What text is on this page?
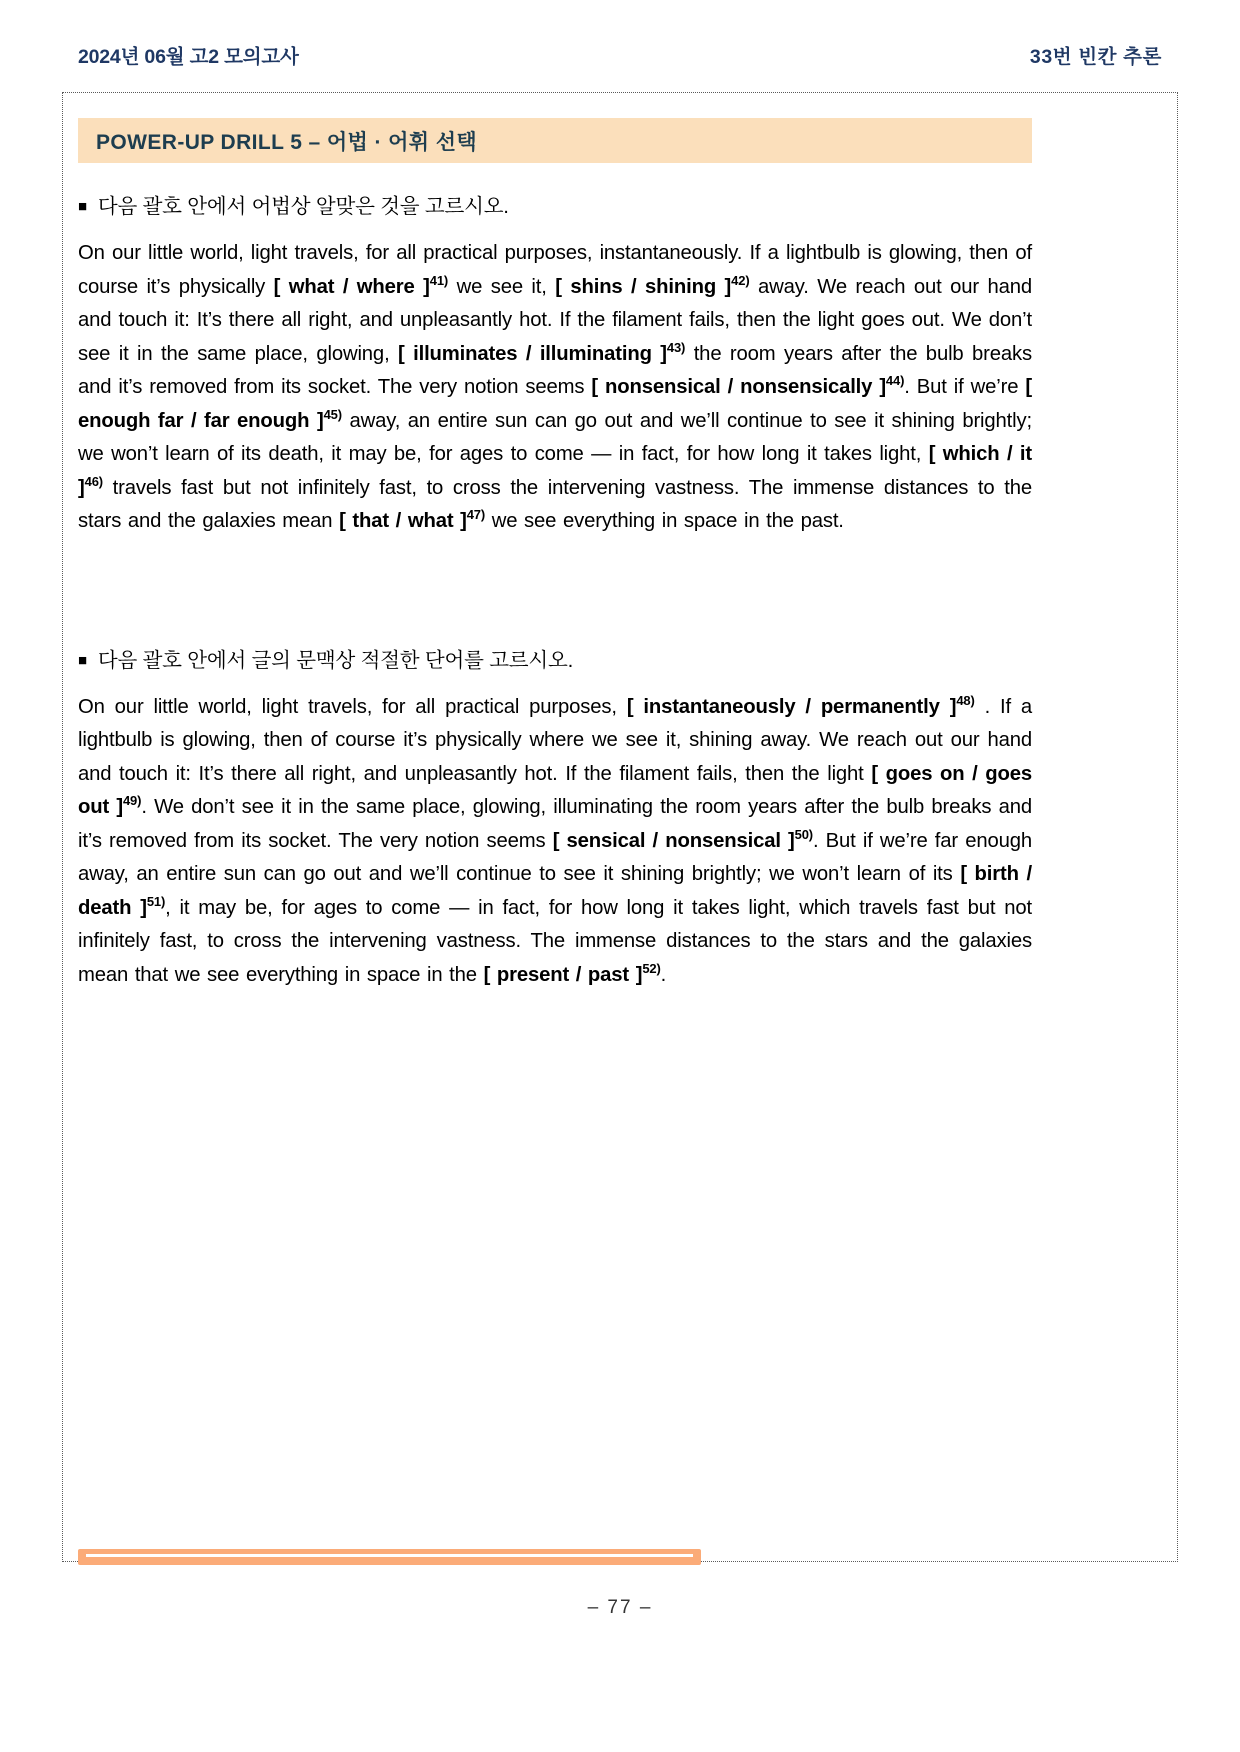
2024년 06월 고2 모의고사	33번 빈칸 추론
POWER-UP DRILL 5 – 어법 · 어휘 선택
■ 다음 괄호 안에서 어법상 알맞은 것을 고르시오.

On our little world, light travels, for all practical purposes, instantaneously. If a lightbulb is glowing, then of course it’s physically [ what / where ]$^{41)}$ we see it, [ shins / shining ]$^{42)}$ away. We reach out our hand and touch it: It’s there all right, and unpleasantly hot. If the filament fails, then the light goes out. We don’t see it in the same place, glowing, [ illuminates / illuminating ]$^{43)}$ the room years after the bulb breaks and it’s removed from its socket. The very notion seems [ nonsensical / nonsensically ]$^{44)}$. But if we’re [ enough far / far enough ]$^{45)}$ away, an entire sun can go out and we’ll continue to see it shining brightly; we won’t learn of its death, it may be, for ages to come — in fact, for how long it takes light, [ which / it ]$^{46)}$ travels fast but not infinitely fast, to cross the intervening vastness. The immense distances to the stars and the galaxies mean [ that / what ]$^{47)}$ we see everything in space in the past.

■ 다음 괄호 안에서 글의 문맥상 적절한 단어를 고르시오.

On our little world, light travels, for all practical purposes, [ instantaneously / permanently ]$^{48)}$ . If a lightbulb is glowing, then of course it’s physically where we see it, shining away. We reach out our hand and touch it: It’s there all right, and unpleasantly hot. If the filament fails, then the light [ goes on / goes out ]$^{49)}$. We don’t see it in the same place, glowing, illuminating the room years after the bulb breaks and it’s removed from its socket. The very notion seems [ sensical / nonsensical ]$^{50)}$. But if we’re far enough away, an entire sun can go out and we’ll continue to see it shining brightly; we won’t learn of its [ birth / death ]$^{51)}$, it may be, for ages to come — in fact, for how long it takes light, which travels fast but not infinitely fast, to cross the intervening vastness. The immense distances to the stars and the galaxies mean that we see everything in space in the [ present / past ]$^{52)}$.

– 77 –
